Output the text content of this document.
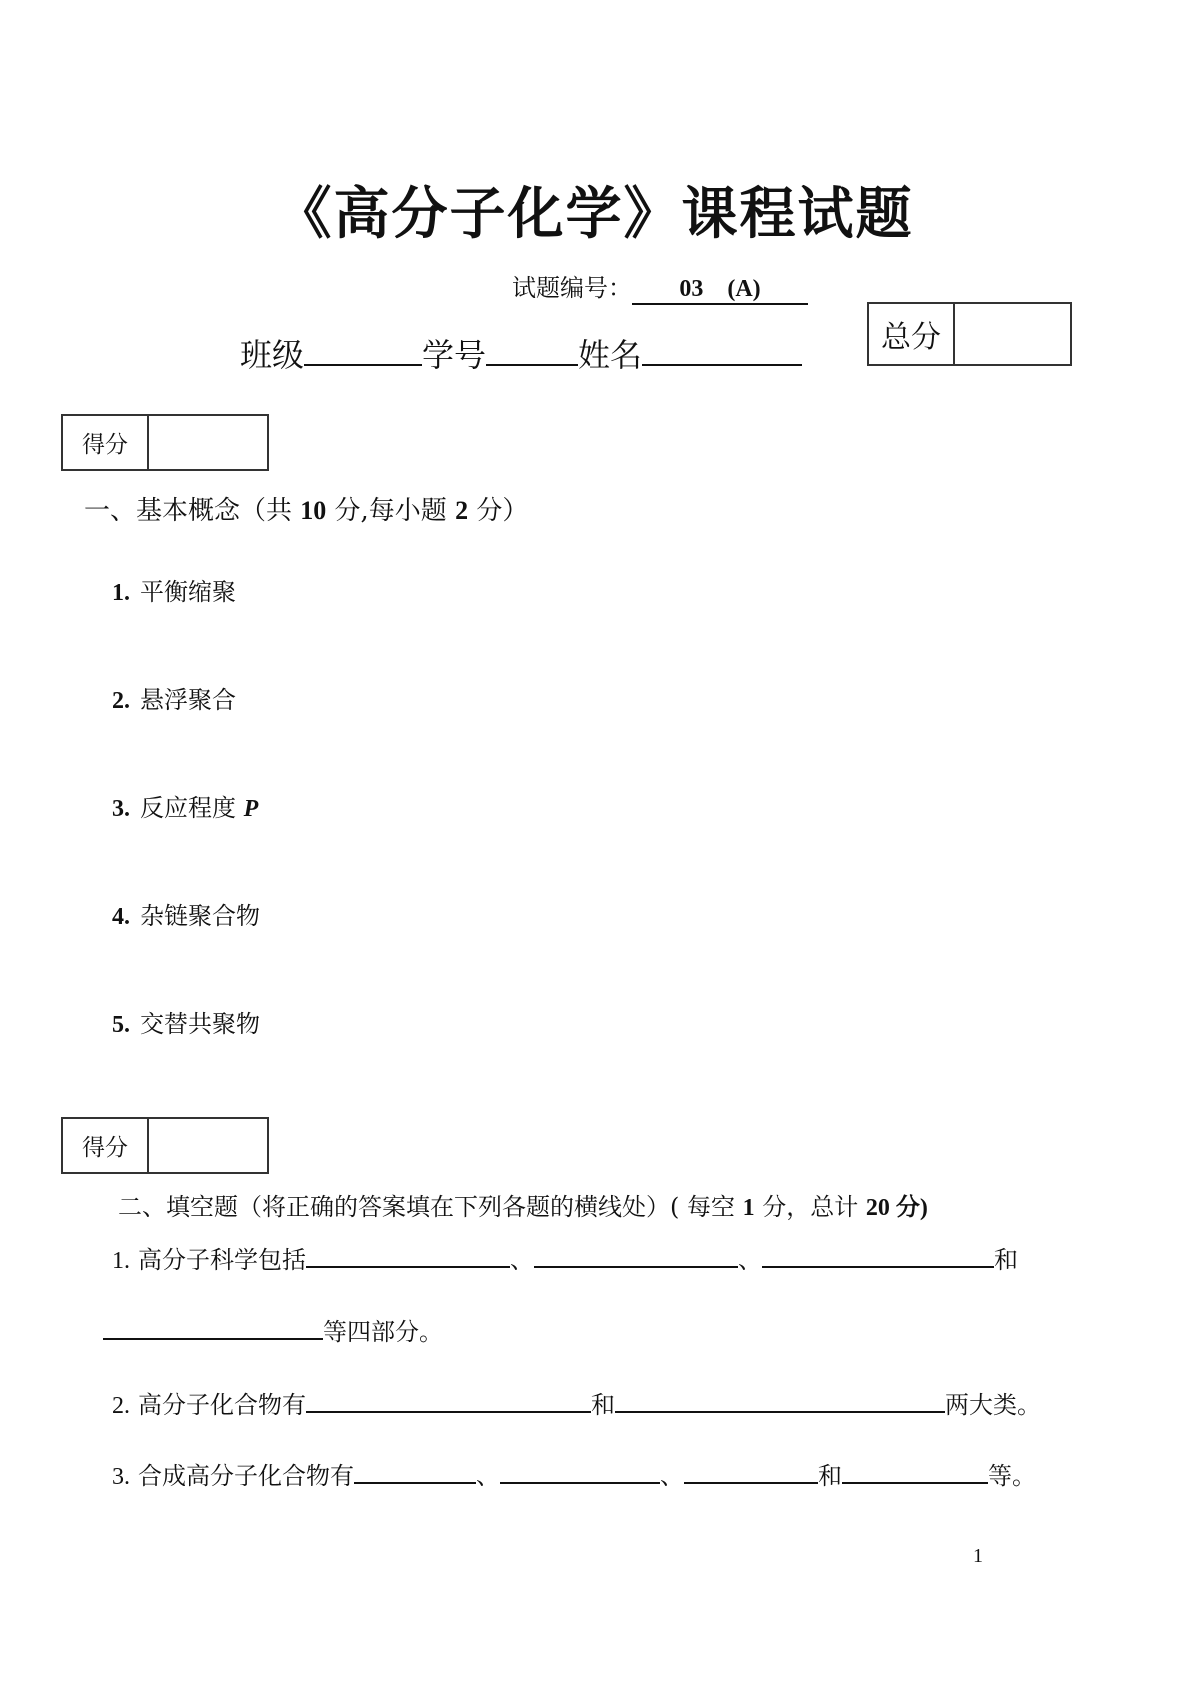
《高分子化学》课程试题
试题编号： 03　(A)
班级	学号	姓名	总分
得分
一、基本概念（共 10 分,每小题 2 分）
1. 平衡缩聚
2. 悬浮聚合
3. 反应程度 P
4. 杂链聚合物
5. 交替共聚物
得分
二、填空题（将正确的答案填在下列各题的横线处）( 每空 1 分，总计 20 分)
1. 高分子科学包括	、	、	和
等四部分。
2. 高分子化合物有	和	两大类。
3. 合成高分子化合物有	、	、	和	等。
1
